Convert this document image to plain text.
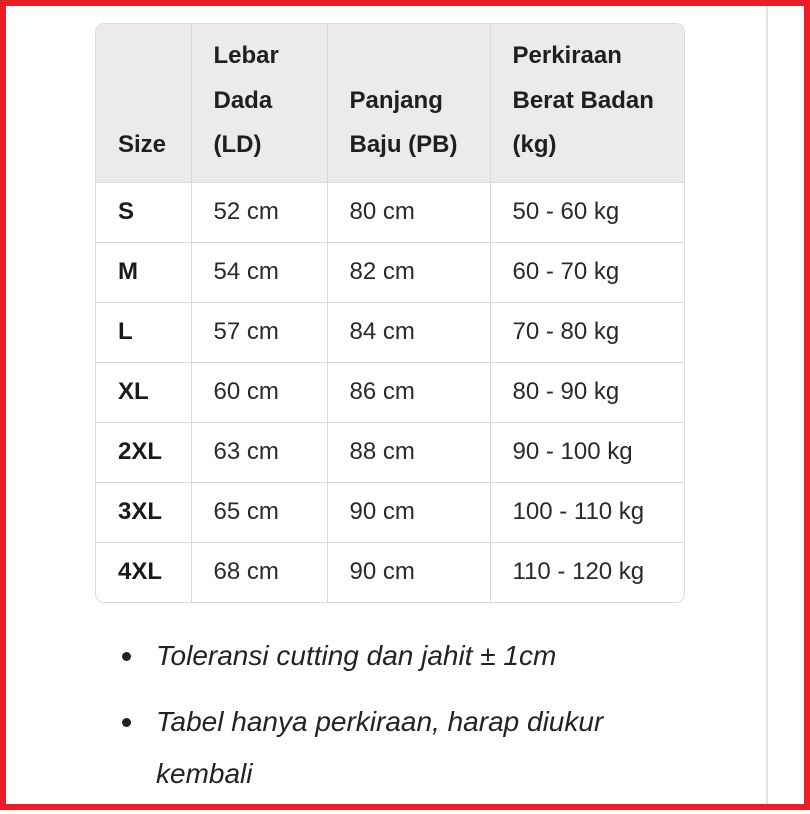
Size	Lebar Dada (LD)	Panjang Baju (PB)	Perkiraan Berat Badan (kg)
S	52 cm	80 cm	50 - 60 kg
M	54 cm	82 cm	60 - 70 kg
L	57 cm	84 cm	70 - 80 kg
XL	60 cm	86 cm	80 - 90 kg
2XL	63 cm	88 cm	90 - 100 kg
3XL	65 cm	90 cm	100 - 110 kg
4XL	68 cm	90 cm	110 - 120 kg
Toleransi cutting dan jahit ± 1cm
Tabel hanya perkiraan, harap diukur kembali
